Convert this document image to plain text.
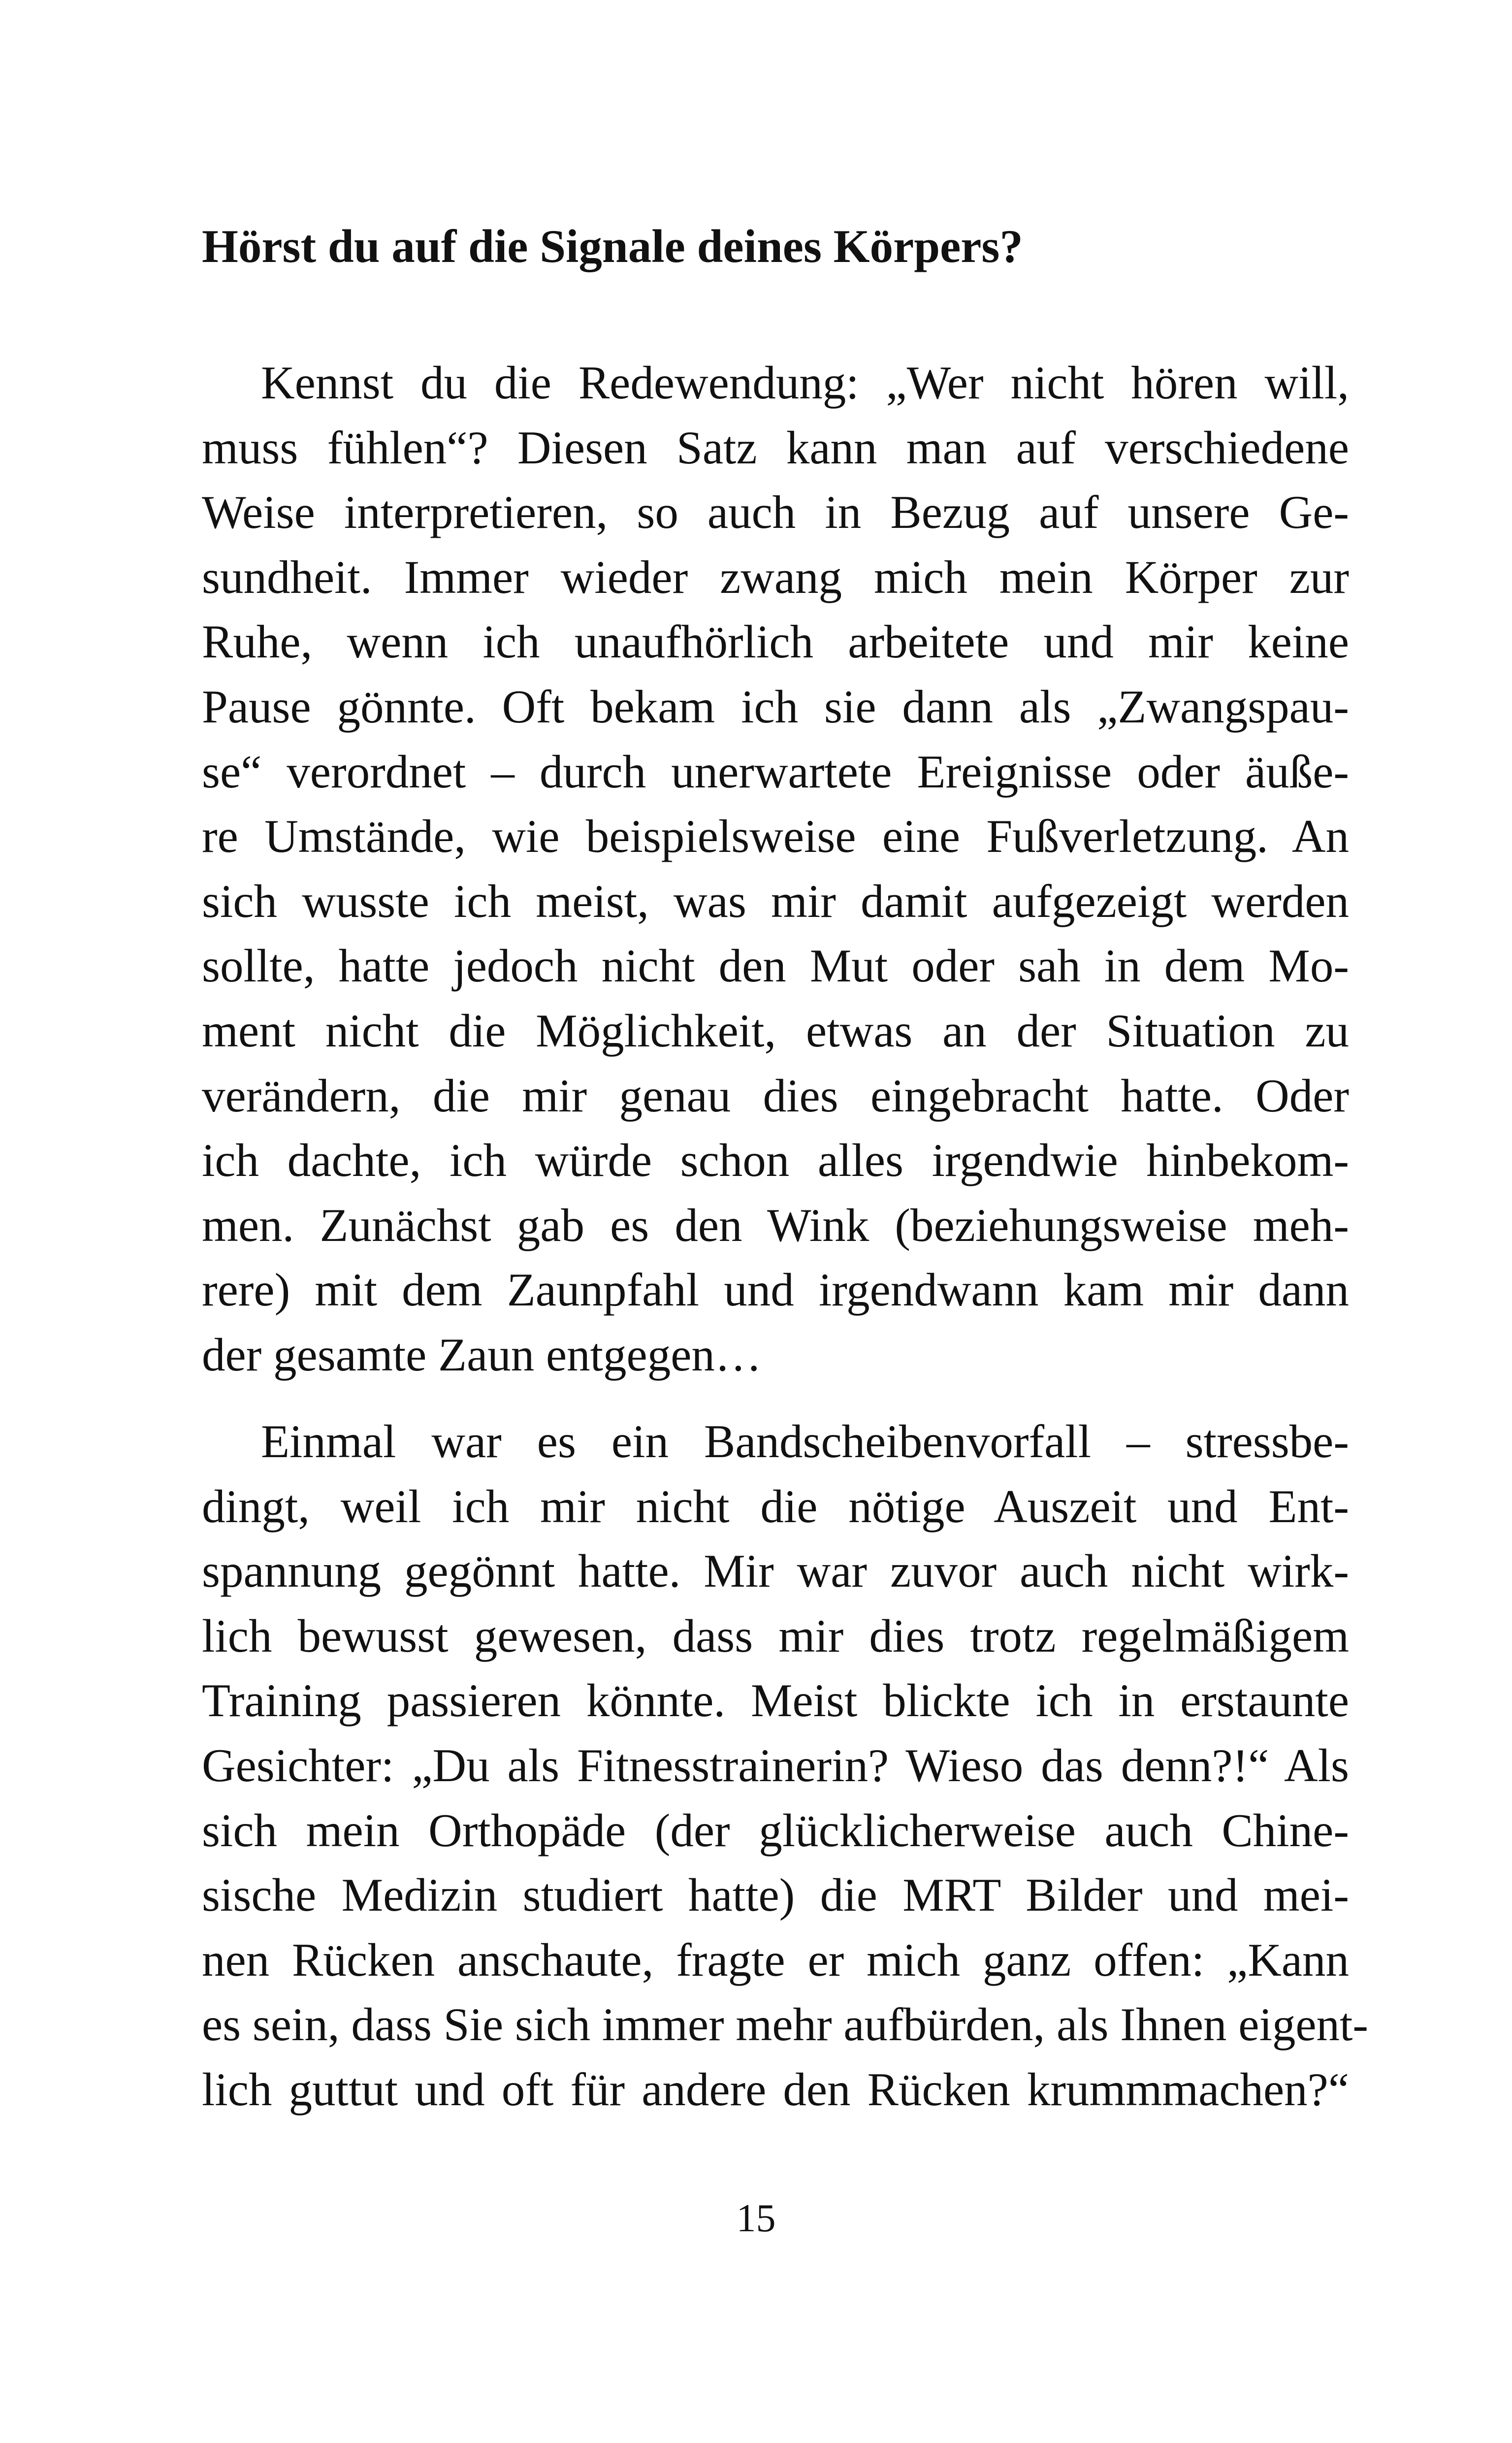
Hörst du auf die Signale deines Körpers?
Kennst du die Redewendung: „Wer nicht hören will,
muss fühlen“? Diesen Satz kann man auf verschiedene
Weise interpretieren, so auch in Bezug auf unsere Ge-
sundheit. Immer wieder zwang mich mein Körper zur
Ruhe, wenn ich unaufhörlich arbeitete und mir keine
Pause gönnte. Oft bekam ich sie dann als „Zwangspau-
se“ verordnet – durch unerwartete Ereignisse oder äuße-
re Umstände, wie beispielsweise eine Fußverletzung. An
sich wusste ich meist, was mir damit aufgezeigt werden
sollte, hatte jedoch nicht den Mut oder sah in dem Mo-
ment nicht die Möglichkeit, etwas an der Situation zu
verändern, die mir genau dies eingebracht hatte. Oder
ich dachte, ich würde schon alles irgendwie hinbekom-
men. Zunächst gab es den Wink (beziehungsweise meh-
rere) mit dem Zaunpfahl und irgendwann kam mir dann
der gesamte Zaun entgegen…
Einmal war es ein Bandscheibenvorfall – stressbe-
dingt, weil ich mir nicht die nötige Auszeit und Ent-
spannung gegönnt hatte. Mir war zuvor auch nicht wirk-
lich bewusst gewesen, dass mir dies trotz regelmäßigem
Training passieren könnte. Meist blickte ich in erstaunte
Gesichter: „Du als Fitnesstrainerin? Wieso das denn?!“ Als
sich mein Orthopäde (der glücklicherweise auch Chine-
sische Medizin studiert hatte) die MRT Bilder und mei-
nen Rücken anschaute, fragte er mich ganz offen: „Kann
es sein, dass Sie sich immer mehr aufbürden, als Ihnen eigent-
lich guttut und oft für andere den Rücken krummmachen?“
15
